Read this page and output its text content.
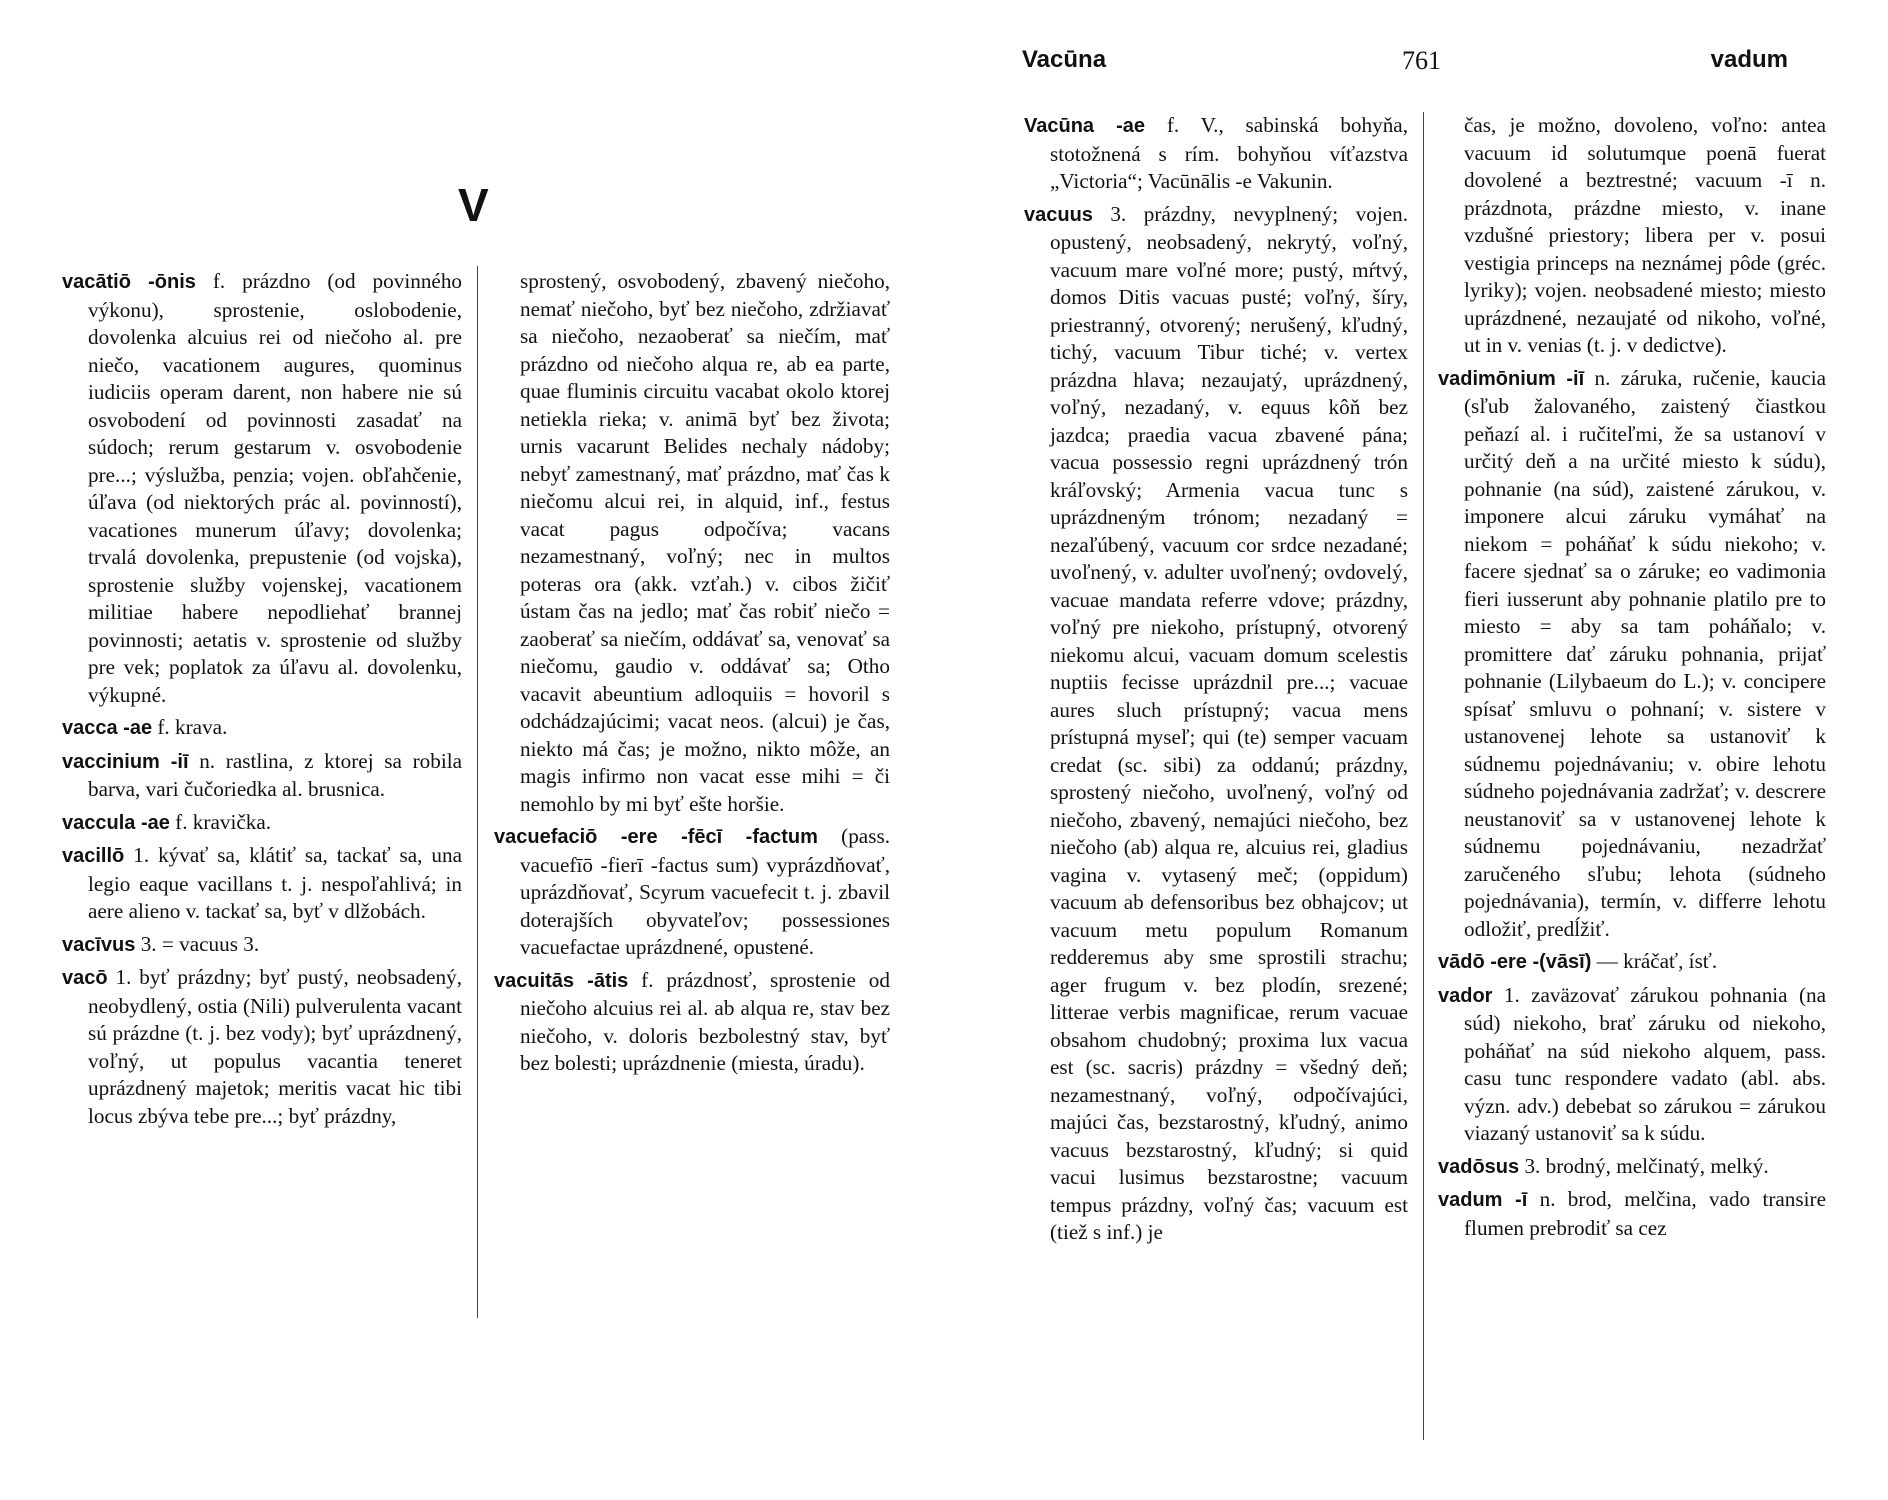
V

vacātiō -ōnis f. prázdno (od povinného výkonu), sprostenie, oslobodenie, dovolenka alcuius rei od niečoho al. pre niečo, vacationem augures, quominus iudiciis operam darent, non habere nie sú osvobodení od povinnosti zasadať na súdoch; rerum gestarum v. osvobodenie pre...; výslužba, penzia; vojen. obľahčenie, úľava (od niektorých prác al. povinností), vacationes munerum úľavy; dovolenka; trvalá dovolenka, prepustenie (od vojska), sprostenie služby vojenskej, vacationem militiae habere nepodliehať brannej povinnosti; aetatis v. sprostenie od služby pre vek; poplatok za úľavu al. dovolenku, výkupné.

vacca -ae f. krava.

vaccinium -iī n. rastlina, z ktorej sa robila barva, vari čučoriedka al. brusnica.

vaccula -ae f. kravička.

vacillō 1. kývať sa, klátiť sa, tackať sa, una legio eaque vacillans t. j. nespoľahlivá; in aere alieno v. tackať sa, byť v dlžobách.

vacīvus 3. = vacuus 3.

vacō 1. byť prázdny; byť pustý, neobsadený, neobydlený, ostia (Nili) pulverulenta vacant sú prázdne (t. j. bez vody); byť uprázdnený, voľný, ut populus vacantia teneret uprázdnený majetok; meritis vacat hic tibi locus zbýva tebe pre...; byť prázdny,

sprostený, osvobodený, zbavený niečoho, nemať niečoho, byť bez niečoho, zdržiavať sa niečoho, nezaoberať sa niečím, mať prázdno od niečoho alqua re, ab ea parte, quae fluminis circuitu vacabat okolo ktorej netiekla rieka; v. animā byť bez života; urnis vacarunt Belides nechaly nádoby; nebyť zamestnaný, mať prázdno, mať čas k niečomu alcui rei, in alquid, inf., festus vacat pagus odpočíva; vacans nezamestnaný, voľný; nec in multos poteras ora (akk. vzťah.) v. cibos žičiť ústam čas na jedlo; mať čas robiť niečo = zaoberať sa niečím, oddávať sa, venovať sa niečomu, gaudio v. oddávať sa; Otho vacavit abeuntium adloquiis = hovoril s odchádzajúcimi; vacat neos. (alcui) je čas, niekto má čas; je možno, nikto môže, an magis infirmo non vacat esse mihi = či nemohlo by mi byť ešte horšie.

vacuefaciō -ere -fēcī -factum (pass. vacuefīō -fierī -factus sum) vyprázdňovať, uprázdňovať, Scyrum vacuefecit t. j. zbavil doterajších obyvateľov; possessiones vacuefactae uprázdnené, opustené.

vacuitās -ātis f. prázdnosť, sprostenie od niečoho alcuius rei al. ab alqua re, stav bez niečoho, v. doloris bezbolestný stav, byť bez bolesti; uprázdnenie (miesta, úradu).

Vacūna	761	vadum

Vacūna -ae f. V., sabinská bohyňa, stotožnená s rím. bohyňou víťazstva „Victoria“; Vacūnālis -e Vakunin.

vacuus 3. prázdny, nevyplnený; vojen. opustený, neobsadený, nekrytý, voľný, vacuum mare voľné more; pustý, mŕtvý, domos Ditis vacuas pusté; voľný, šíry, priestranný, otvorený; nerušený, kľudný, tichý, vacuum Tibur tiché; v. vertex prázdna hlava; nezaujatý, uprázdnený, voľný, nezadaný, v. equus kôň bez jazdca; praedia vacua zbavené pána; vacua possessio regni uprázdnený trón kráľovský; Armenia vacua tunc s uprázdneným trónom; nezadaný = nezaľúbený, vacuum cor srdce nezadané; uvoľnený, v. adulter uvoľnený; ovdovelý, vacuae mandata referre vdove; prázdny, voľný pre niekoho, prístupný, otvorený niekomu alcui, vacuam domum scelestis nuptiis fecisse uprázdnil pre...; vacuae aures sluch prístupný; vacua mens prístupná myseľ; qui (te) semper vacuam credat (sc. sibi) za oddanú; prázdny, sprostený niečoho, uvoľnený, voľný od niečoho, zbavený, nemajúci niečoho, bez niečoho (ab) alqua re, alcuius rei, gladius vagina v. vytasený meč; (oppidum) vacuum ab defensoribus bez obhajcov; ut vacuum metu populum Romanum redderemus aby sme sprostili strachu; ager frugum v. bez plodín, srezené; litterae verbis magnificae, rerum vacuae obsahom chudobný; proxima lux vacua est (sc. sacris) prázdny = všedný deň; nezamestnaný, voľný, odpočívajúci, majúci čas, bezstarostný, kľudný, animo vacuus bezstarostný, kľudný; si quid vacui lusimus bezstarostne; vacuum tempus prázdny, voľný čas; vacuum est (tiež s inf.) je

čas, je možno, dovoleno, voľno: antea vacuum id solutumque poenā fuerat dovolené a beztrestné; vacuum -ī n. prázdnota, prázdne miesto, v. inane vzdušné priestory; libera per v. posui vestigia princeps na neznámej pôde (gréc. lyriky); vojen. neobsadené miesto; miesto uprázdnené, nezaujaté od nikoho, voľné, ut in v. venias (t. j. v dedictve).

vadimōnium -iī n. záruka, ručenie, kaucia (sľub žalovaného, zaistený čiastkou peňazí al. i ručiteľmi, že sa ustanoví v určitý deň a na určité miesto k súdu), pohnanie (na súd), zaistené zárukou, v. imponere alcui záruku vymáhať na niekom = poháňať k súdu niekoho; v. facere sjednať sa o záruke; eo vadimonia fieri iusserunt aby pohnanie platilo pre to miesto = aby sa tam poháňalo; v. promittere dať záruku pohnania, prijať pohnanie (Lilybaeum do L.); v. concipere spísať smluvu o pohnaní; v. sistere v ustanovenej lehote sa ustanoviť k súdnemu pojednávaniu; v. obire lehotu súdneho pojednávania zadržať; v. descrere neustanoviť sa v ustanovenej lehote k súdnemu pojednávaniu, nezadržať zaručeného sľubu; lehota (súdneho pojednávania), termín, v. differre lehotu odložiť, predĺžiť.

vādō -ere -(vāsī) — kráčať, ísť.

vador 1. zaväzovať zárukou pohnania (na súd) niekoho, brať záruku od niekoho, poháňať na súd niekoho alquem, pass. casu tunc respondere vadato (abl. abs. význ. adv.) debebat so zárukou = zárukou viazaný ustanoviť sa k súdu.

vadōsus 3. brodný, melčinatý, melký.

vadum -ī n. brod, melčina, vado transire flumen prebrodiť sa cez
